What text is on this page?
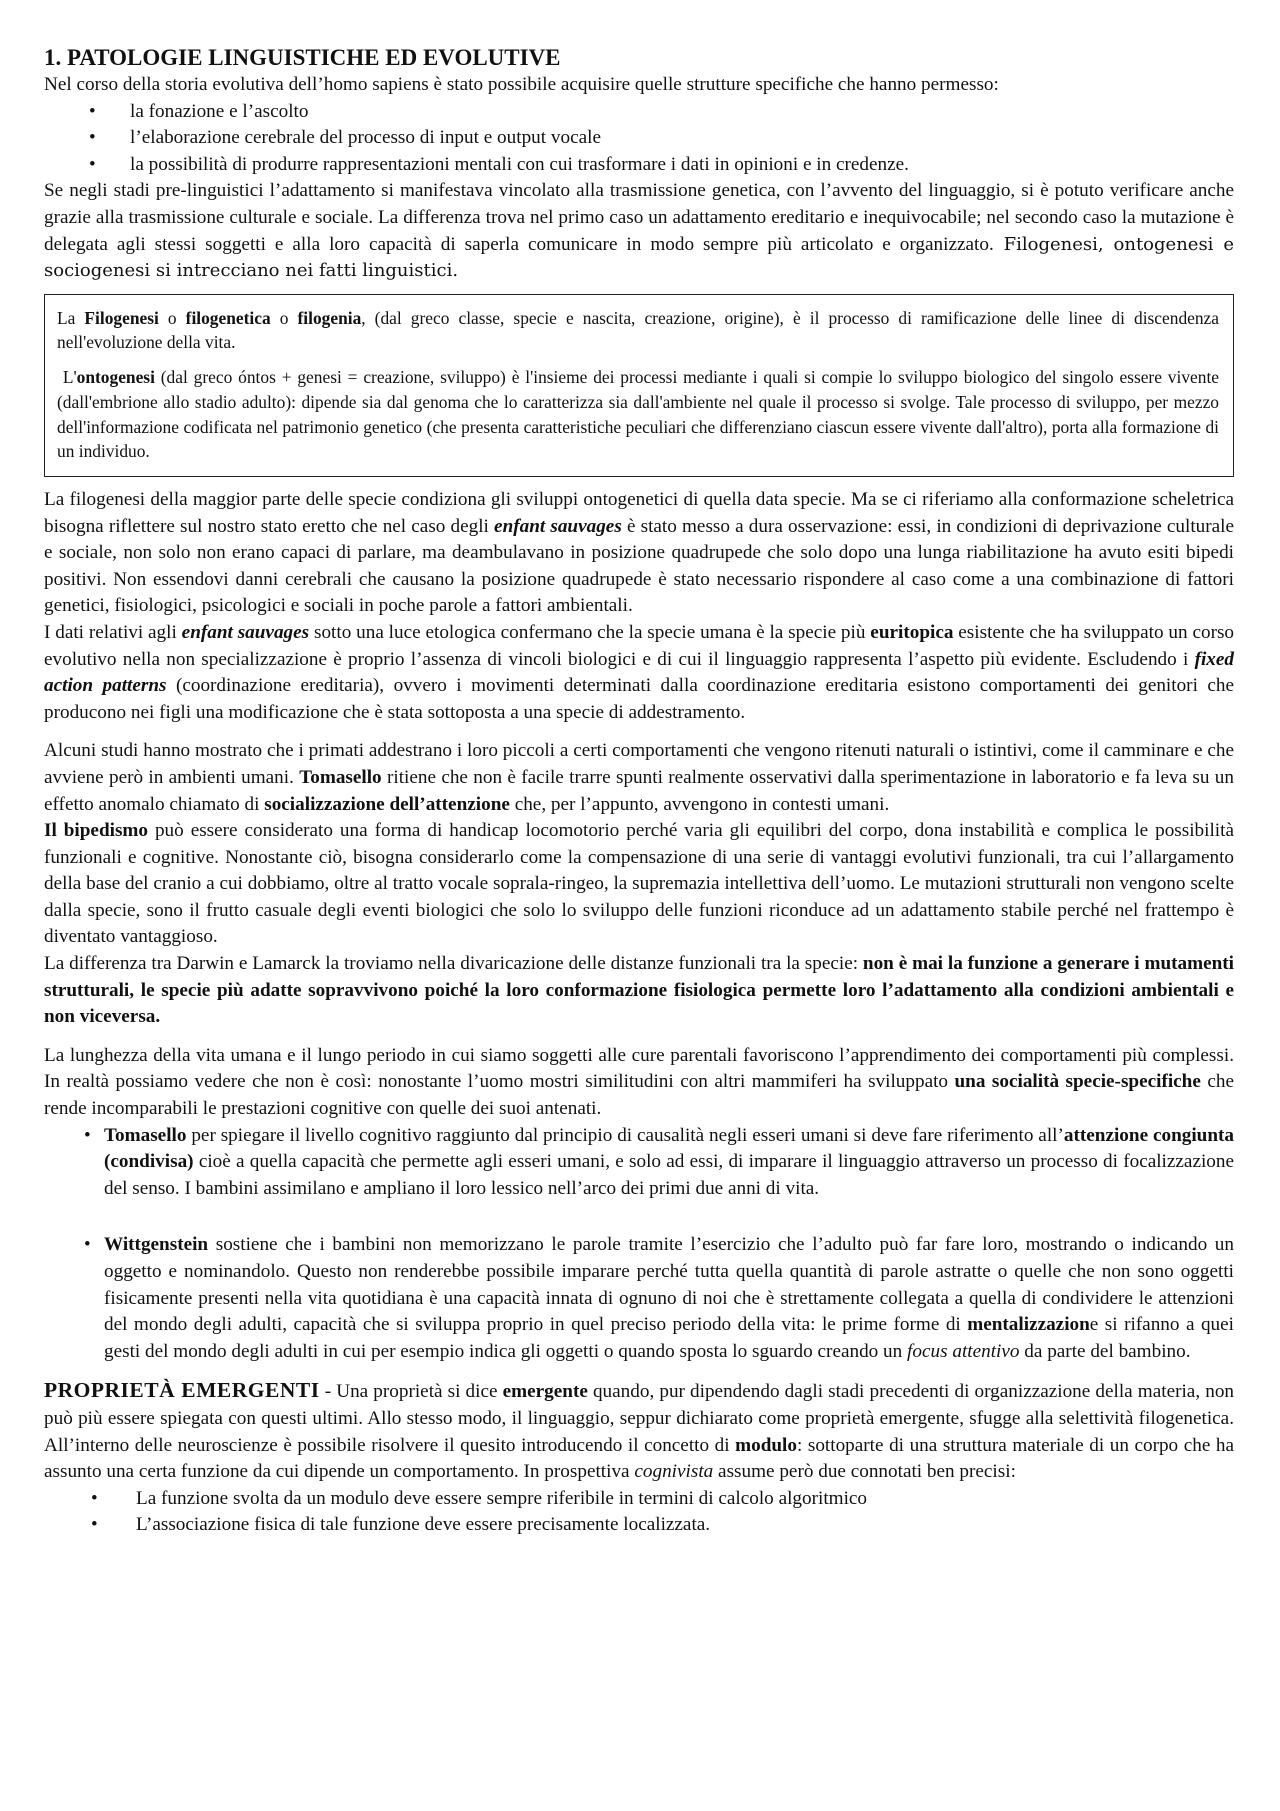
1. PATOLOGIE LINGUISTICHE ED EVOLUTIVE

Nel corso della storia evolutiva dell’homo sapiens è stato possibile acquisire quelle strutture specifiche che hanno permesso:

• la fonazione e l’ascolto
• l’elaborazione cerebrale del processo di input e output vocale
• la possibilità di produrre rappresentazioni mentali con cui trasformare i dati in opinioni e in credenze.

Se negli stadi pre-linguistici l’adattamento si manifestava vincolato alla trasmissione genetica, con l’avvento del linguaggio, si è potuto verificare anche grazie alla trasmissione culturale e sociale. La differenza trova nel primo caso un adattamento ereditario e inequivocabile; nel secondo caso la mutazione è delegata agli stessi soggetti e alla loro capacità di saperla comunicare in modo sempre più articolato e organizzato. Filogenesi, ontogenesi e sociogenesi si intrecciano nei fatti linguistici.

La Filogenesi o filogenetica o filogenia, (dal greco classe, specie e nascita, creazione, origine), è il processo di ramificazione delle linee di discendenza nell'evoluzione della vita.

L'ontogenesi (dal greco óntos + genesi = creazione, sviluppo) è l'insieme dei processi mediante i quali si compie lo sviluppo biologico del singolo essere vivente (dall'embrione allo stadio adulto): dipende sia dal genoma che lo caratterizza sia dall'ambiente nel quale il processo si svolge. Tale processo di sviluppo, per mezzo dell'informazione codificata nel patrimonio genetico (che presenta caratteristiche peculiari che differenziano ciascun essere vivente dall'altro), porta alla formazione di un individuo.

La filogenesi della maggior parte delle specie condiziona gli sviluppi ontogenetici di quella data specie. Ma se ci riferiamo alla conformazione scheletrica bisogna riflettere sul nostro stato eretto che nel caso degli enfant sauvages è stato messo a dura osservazione: essi, in condizioni di deprivazione culturale e sociale, non solo non erano capaci di parlare, ma deambulavano in posizione quadrupede che solo dopo una lunga riabilitazione ha avuto esiti bipedi positivi. Non essendovi danni cerebrali che causano la posizione quadrupede è stato necessario rispondere al caso come a una combinazione di fattori genetici, fisiologici, psicologici e sociali in poche parole a fattori ambientali.

I dati relativi agli enfant sauvages sotto una luce etologica confermano che la specie umana è la specie più euritopica esistente che ha sviluppato un corso evolutivo nella non specializzazione è proprio l’assenza di vincoli biologici e di cui il linguaggio rappresenta l’aspetto più evidente. Escludendo i fixed action patterns (coordinazione ereditaria), ovvero i movimenti determinati dalla coordinazione ereditaria esistono comportamenti dei genitori che producono nei figli una modificazione che è stata sottoposta a una specie di addestramento.

Alcuni studi hanno mostrato che i primati addestrano i loro piccoli a certi comportamenti che vengono ritenuti naturali o istintivi, come il camminare e che avviene però in ambienti umani. Tomasello ritiene che non è facile trarre spunti realmente osservativi dalla sperimentazione in laboratorio e fa leva su un effetto anomalo chiamato di socializzazione dell’attenzione che, per l’appunto, avvengono in contesti umani.

Il bipedismo può essere considerato una forma di handicap locomotorio perché varia gli equilibri del corpo, dona instabilità e complica le possibilità funzionali e cognitive. Nonostante ciò, bisogna considerarlo come la compensazione di una serie di vantaggi evolutivi funzionali, tra cui l’allargamento della base del cranio a cui dobbiamo, oltre al tratto vocale soprala-ringeo, la supremazia intellettiva dell’uomo. Le mutazioni strutturali non vengono scelte dalla specie, sono il frutto casuale degli eventi biologici che solo lo sviluppo delle funzioni riconduce ad un adattamento stabile perché nel frattempo è diventato vantaggioso.

La differenza tra Darwin e Lamarck la troviamo nella divaricazione delle distanze funzionali tra la specie: non è mai la funzione a generare i mutamenti strutturali, le specie più adatte sopravvivono poiché la loro conformazione fisiologica permette loro l’adattamento alla condizioni ambientali e non viceversa.

La lunghezza della vita umana e il lungo periodo in cui siamo soggetti alle cure parentali favoriscono l’apprendimento dei comportamenti più complessi. In realtà possiamo vedere che non è così: nonostante l’uomo mostri similitudini con altri mammiferi ha sviluppato una socialità specie-specifiche che rende incomparabili le prestazioni cognitive con quelle dei suoi antenati.

• Tomasello per spiegare il livello cognitivo raggiunto dal principio di causalità negli esseri umani si deve fare riferimento all’attenzione congiunta (condivisa) cioè a quella capacità che permette agli esseri umani, e solo ad essi, di imparare il linguaggio attraverso un processo di focalizzazione del senso. I bambini assimilano e ampliano il loro lessico nell’arco dei primi due anni di vita.
• Wittgenstein sostiene che i bambini non memorizzano le parole tramite l’esercizio che l’adulto può far fare loro, mostrando o indicando un oggetto e nominandolo. Questo non renderebbe possibile imparare perché tutta quella quantità di parole astratte o quelle che non sono oggetti fisicamente presenti nella vita quotidiana è una capacità innata di ognuno di noi che è strettamente collegata a quella di condividere le attenzioni del mondo degli adulti, capacità che si sviluppa proprio in quel preciso periodo della vita: le prime forme di mentalizzazione si rifanno a quei gesti del mondo degli adulti in cui per esempio indica gli oggetti o quando sposta lo sguardo creando un focus attentivo da parte del bambino.

PROPRIETÀ EMERGENTI - Una proprietà si dice emergente quando, pur dipendendo dagli stadi precedenti di organizzazione della materia, non può più essere spiegata con questi ultimi. Allo stesso modo, il linguaggio, seppur dichiarato come proprietà emergente, sfugge alla selettività filogenetica. All’interno delle neuroscienze è possibile risolvere il quesito introducendo il concetto di modulo: sottoparte di una struttura materiale di un corpo che ha assunto una certa funzione da cui dipende un comportamento. In prospettiva cognivista assume però due connotati ben precisi:

• La funzione svolta da un modulo deve essere sempre riferibile in termini di calcolo algoritmico
• L’associazione fisica di tale funzione deve essere precisamente localizzata.
